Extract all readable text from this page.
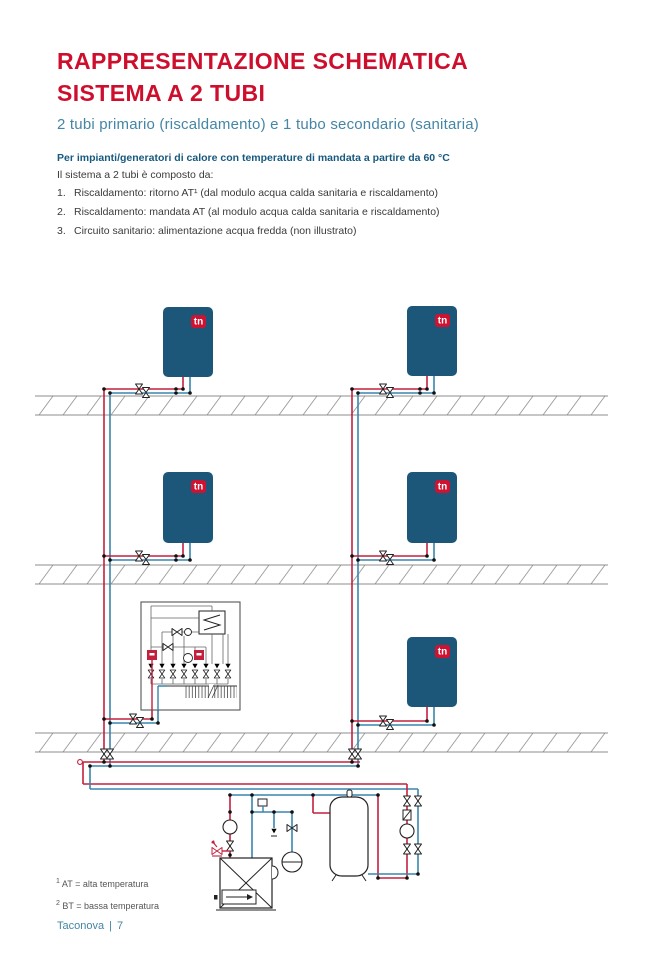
RAPPRESENTAZIONE SCHEMATICA
SISTEMA A 2 TUBI
2 tubi primario (riscaldamento) e 1 tubo secondario (sanitaria)
Per impianti/generatori di calore con temperature di mandata a partire da 60 °C
Il sistema a 2 tubi è composto da:
1. Riscaldamento: ritorno AT¹ (dal modulo acqua calda sanitaria e riscaldamento)
2. Riscaldamento: mandata AT (al modulo acqua calda sanitaria e riscaldamento)
3. Circuito sanitario: alimentazione acqua fredda (non illustrato)
tn	tn
tn	tn
tn
$^1$ AT = alta temperatura
$^2$ BT = bassa temperatura
Taconova | 7
